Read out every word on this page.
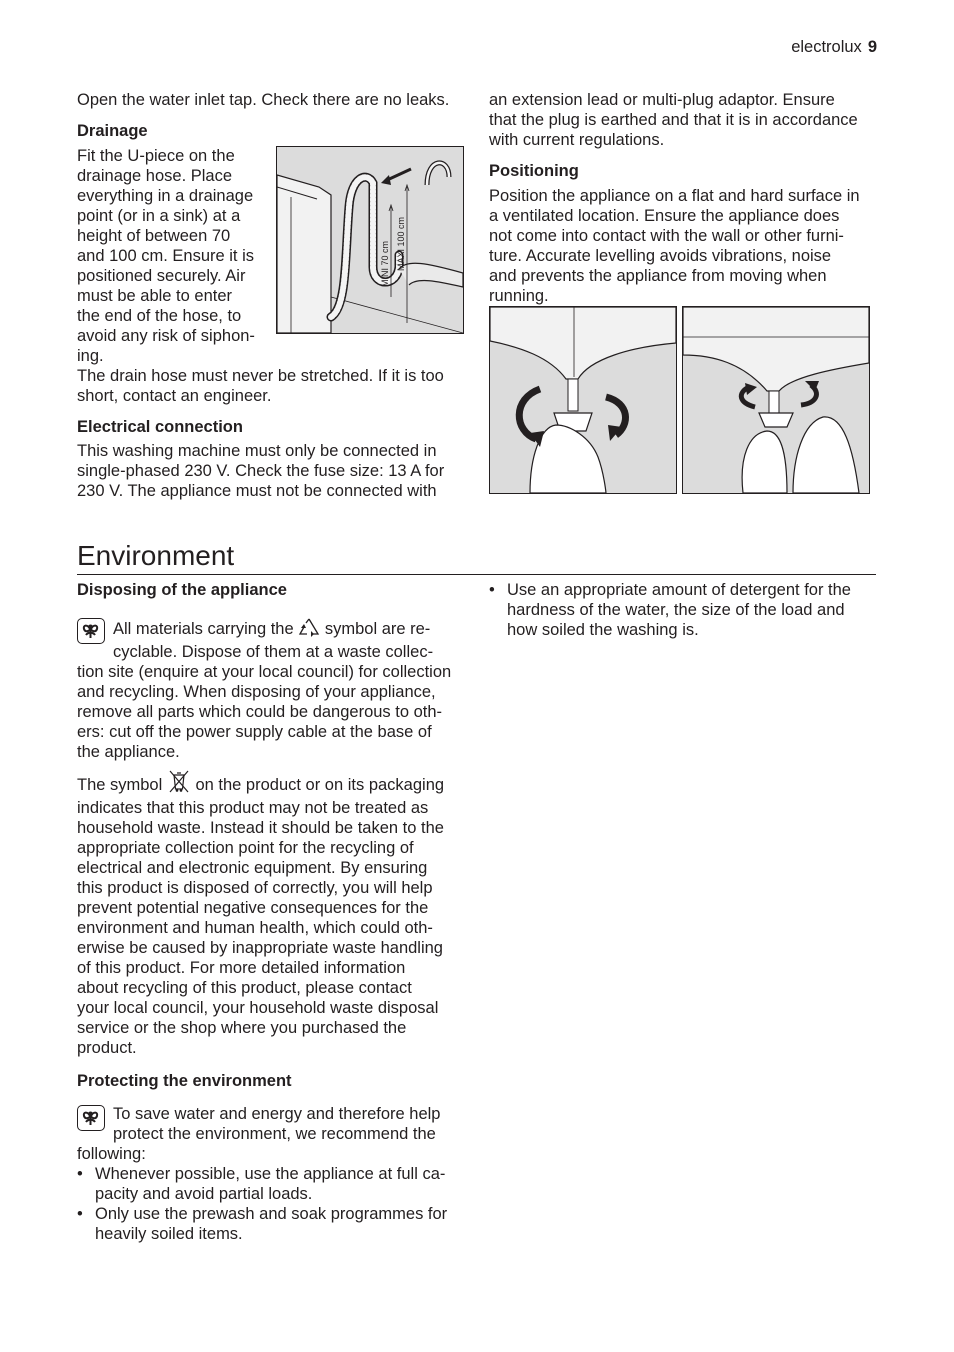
electrolux 9
Open the water inlet tap. Check there are no leaks.
Drainage
Fit the U-piece on the
drainage hose. Place
everything in a drainage
point (or in a sink) at a
height of between 70
and 100 cm. Ensure it is
positioned securely. Air
must be able to enter
the end of the hose, to
avoid any risk of siphon-
ing.
The drain hose must never be stretched. If it is too
short, contact an engineer.
Electrical connection
This washing machine must only be connected in
single-phased 230 V. Check the fuse size: 13 A for
230 V. The appliance must not be connected with
MINI 70 cm MAXI 100 cm
an extension lead or multi-plug adaptor. Ensure
that the plug is earthed and that it is in accordance
with current regulations.
Positioning
Position the appliance on a flat and hard surface in
a ventilated location. Ensure the appliance does
not come into contact with the wall or other furni-
ture. Accurate levelling avoids vibrations, noise
and prevents the appliance from moving when
running.
Environment
Disposing of the appliance
All materials carrying the symbol are re-
cyclable. Dispose of them at a waste collec-
tion site (enquire at your local council) for collection
and recycling. When disposing of your appliance,
remove all parts which could be dangerous to oth-
ers: cut off the power supply cable at the base of
the appliance.
The symbol on the product or on its packaging
indicates that this product may not be treated as
household waste. Instead it should be taken to the
appropriate collection point for the recycling of
electrical and electronic equipment. By ensuring
this product is disposed of correctly, you will help
prevent potential negative consequences for the
environment and human health, which could oth-
erwise be caused by inappropriate waste handling
of this product. For more detailed information
about recycling of this product, please contact
your local council, your household waste disposal
service or the shop where you purchased the
product.
Protecting the environment
To save water and energy and therefore help
protect the environment, we recommend the
following:
• Whenever possible, use the appliance at full ca-
pacity and avoid partial loads.
• Only use the prewash and soak programmes for
heavily soiled items.
• Use an appropriate amount of detergent for the
hardness of the water, the size of the load and
how soiled the washing is.
